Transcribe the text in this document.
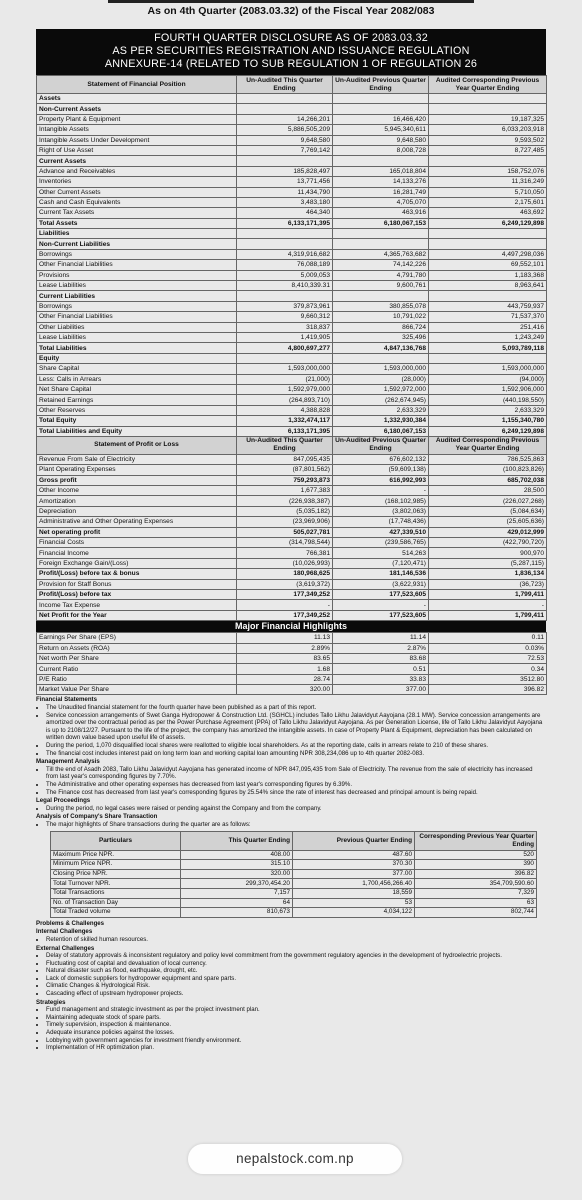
As on 4th Quarter (2083.03.32) of the Fiscal Year 2082/083
FOURTH QUARTER DISCLOSURE AS OF 2083.03.32
AS PER SECURITIES REGISTRATION AND ISSUANCE REGULATION
ANNEXURE-14 (RELATED TO SUB REGULATION 1 OF REGULATION 26
Statement of Financial Position	Un-Audited This Quarter Ending	Un-Audited Previous Quarter Ending	Audited Corresponding Previous Year Quarter Ending
Assets			
Non-Current Assets			
Property Plant & Equipment	14,266,201	16,466,420	19,187,325
Intangible Assets	5,886,505,209	5,945,340,611	6,033,203,918
Intangible Assets Under Development	9,648,580	9,648,580	9,593,502
Right of Use Asset	7,769,142	8,008,728	8,727,485
Current Assets			
Advance and Receivables	185,828,497	165,018,804	158,752,076
Inventories	13,771,456	14,133,276	11,316,249
Other Current Assets	11,434,790	16,281,749	5,710,050
Cash and Cash Equivalents	3,483,180	4,705,070	2,175,601
Current Tax Assets	464,340	463,916	463,692
Total Assets	6,133,171,395	6,180,067,153	6,249,129,898
Liabilities			
Non-Current Liabilities			
Borrowings	4,319,916,682	4,365,763,682	4,497,298,036
Other Financial Liabilities	76,088,189	74,142,226	69,552,101
Provisions	5,009,053	4,791,780	1,183,368
Lease Liabilities	8,410,339.31	9,600,761	8,963,641
Current Liabilities			
Borrowings	379,873,961	380,855,078	443,759,937
Other Financial Liabilities	9,660,312	10,791,022	71,537,370
Other Liabilities	318,837	866,724	251,416
Lease Liabilities	1,419,905	325,496	1,243,249
Total Liabilities	4,800,697,277	4,847,136,768	5,093,789,118
Equity			
Share Capital	1,593,000,000	1,593,000,000	1,593,000,000
Less: Calls in Arrears	(21,000)	(28,000)	(94,000)
Net Share Capital	1,592,979,000	1,592,972,000	1,592,906,000
Retained Earnings	(264,893,710)	(262,674,945)	(440,198,550)
Other Reserves	4,388,828	2,633,329	2,633,329
Total Equity	1,332,474,117	1,332,930,384	1,155,340,780
Total Liabilities and Equity	6,133,171,395	6,180,067,153	6,249,129,898
Statement of Profit or Loss	Un-Audited This Quarter Ending	Un-Audited Previous Quarter Ending	Audited Corresponding Previous Year Quarter Ending
Revenue From Sale of Electricity	847,095,435	676,602,132	786,525,863
Plant Operating Expenses	(87,801,562)	(59,609,138)	(100,823,826)
Gross profit	759,293,873	616,992,993	685,702,038
Other Income	1,677,383	-	28,500
Amortization	(226,938,387)	(168,102,985)	(226,027,268)
Depreciation	(5,035,182)	(3,802,063)	(5,084,634)
Administrative and Other Operating Expenses	(23,969,906)	(17,748,436)	(25,605,636)
Net operating profit	505,027,781	427,339,510	429,012,999
Financial Costs	(314,798,544)	(239,586,765)	(422,790,720)
Financial Income	766,381	514,263	900,970
Foreign Exchange Gain/(Loss)	(10,026,993)	(7,120,471)	(5,287,115)
Profit/(Loss) before tax & bonus	180,968,625	181,146,536	1,836,134
Provision for Staff Bonus	(3,619,372)	(3,622,931)	(36,723)
Profit/(Loss) before tax	177,349,252	177,523,605	1,799,411
Income Tax Expense	-	-	-
Net Profit for the Year	177,349,252	177,523,605	1,799,411
Major Financial Highlights
Earnings Per Share (EPS)	11.13	11.14	0.11
Return on Assets (ROA)	2.89%	2.87%	0.03%
Net worth Per Share	83.65	83.68	72.53
Current Ratio	1.68	0.51	0.34
P/E Ratio	28.74	33.83	3512.80
Market Value Per Share	320.00	377.00	396.82
Financial Statements
• The Unaudited financial statement for the fourth quarter have been published as a part of this report.
• Service concession arrangements of Swet Ganga Hydropower & Construction Ltd. (SGHCL) includes Tallo Likhu Jalavidyut Aayojana (28.1 MW). Service concession arrangements are amortized over the contractual period as per the Power Purchase Agreement (PPA) of Tallo Likhu Jalavidyut Aayojana. As per Generation License, life of Tallo Likhu Jalavidyut Aayojana is up to 2108/12/27. Pursuant to the life of the project, the company has amortized the intangible assets. In case of Property Plant & Equipment, depreciation has been calculated on written down value based upon useful life of assets.
• During the period, 1,070 disqualified local shares were reallotted to eligible local shareholders. As at the reporting date, calls in arrears relate to 210 of these shares.
• The financial cost includes interest paid on long term loan and working capital loan amounting NPR 308,234,086 up to 4th quarter 2082-083.
Management Analysis
• Till the end of Asadh 2083, Tallo Likhu Jalavidyut Aayojana has generated income of NPR 847,095,435 from Sale of Electricity. The revenue from the sale of electricity has increased from last year's corresponding figures by 7.70%.
• The Administrative and other operating expenses has decreased from last year's corresponding figures by 6.39%.
• The Finance cost has decreased from last year's corresponding figures by 25.54% since the rate of interest has decreased and principal amount is being repaid.
Legal Proceedings
• During the period, no legal cases were raised or pending against the Company and from the company.
Analysis of Company's Share Transaction
• The major highlights of Share transactions during the quarter are as follows:
Particulars	This Quarter Ending	Previous Quarter Ending	Corresponding Previous Year Quarter Ending
Maximum Price NPR.	408.00	487.60	520
Minimum Price NPR.	315.10	370.30	390
Closing Price NPR.	320.00	377.00	396.82
Total Turnover NPR.	299,370,454.20	1,700,456,266.40	354,709,590.60
Total Transactions	7,157	18,559	7,329
No. of Transaction Day	64	53	63
Total Traded volume	810,673	4,034,122	802,744
Problems & Challenges
Internal Challenges
• Retention of skilled human resources.
External Challenges
• Delay of statutory approvals & inconsistent regulatory and policy level commitment from the government regulatory agencies in the development of hydroelectric projects.
• Fluctuating cost of capital and devaluation of local currency.
• Natural disaster such as flood, earthquake, drought, etc.
• Lack of domestic suppliers for hydropower equipment and spare parts.
• Climatic Changes & Hydrological Risk.
• Cascading effect of upstream hydropower projects.
Strategies
• Fund management and strategic investment as per the project investment plan.
• Maintaining adequate stock of spare parts.
• Timely supervision, inspection & maintenance.
• Adequate insurance policies against the losses.
• Lobbying with government agencies for investment friendly environment.
• Implementation of HR optimization plan.
nepalstock.com.np
